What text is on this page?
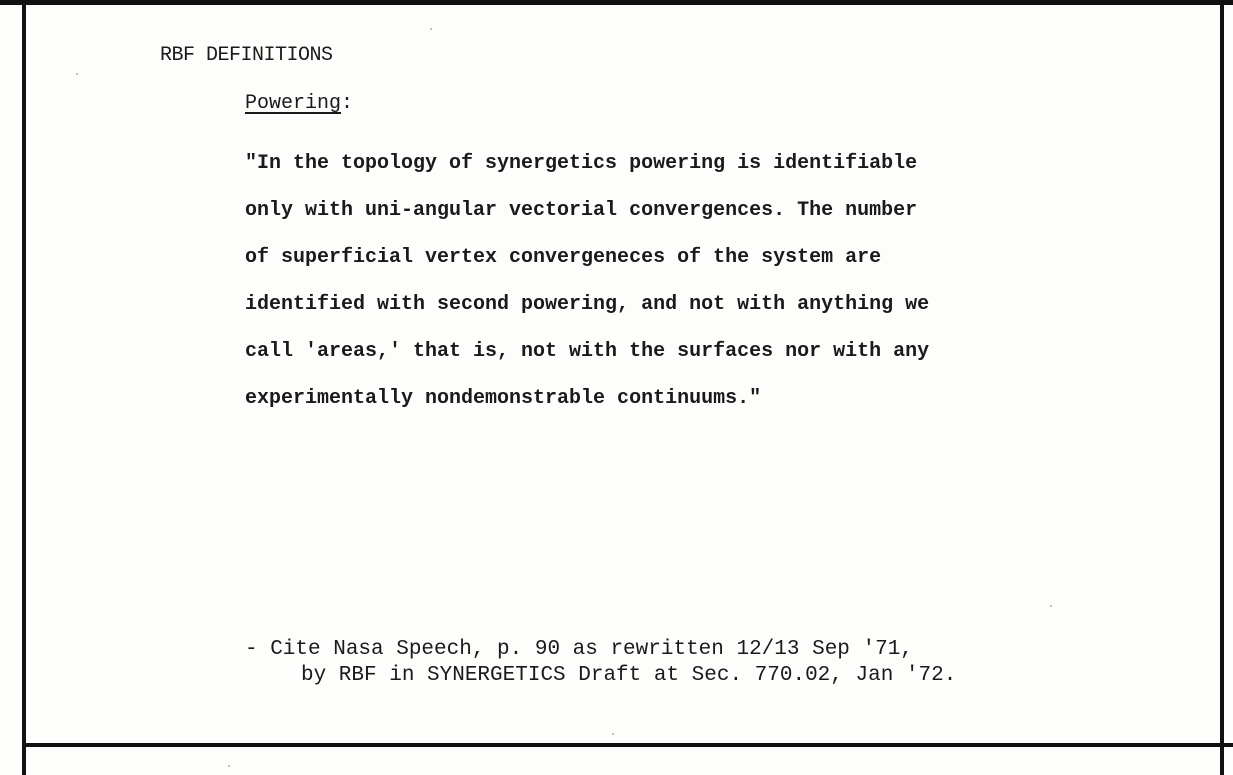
RBF DEFINITIONS
Powering:
"In the topology of synergetics powering is identifiable
only with uni-angular vectorial convergences. The number
of superficial vertex convergeneces of the system are
identified with second powering, and not with anything we
call 'areas,' that is, not with the surfaces nor with any
experimentally nondemonstrable continuums."
- Cite Nasa Speech, p. 90 as rewritten 12/13 Sep '71,
by RBF in SYNERGETICS Draft at Sec. 770.02, Jan '72.
